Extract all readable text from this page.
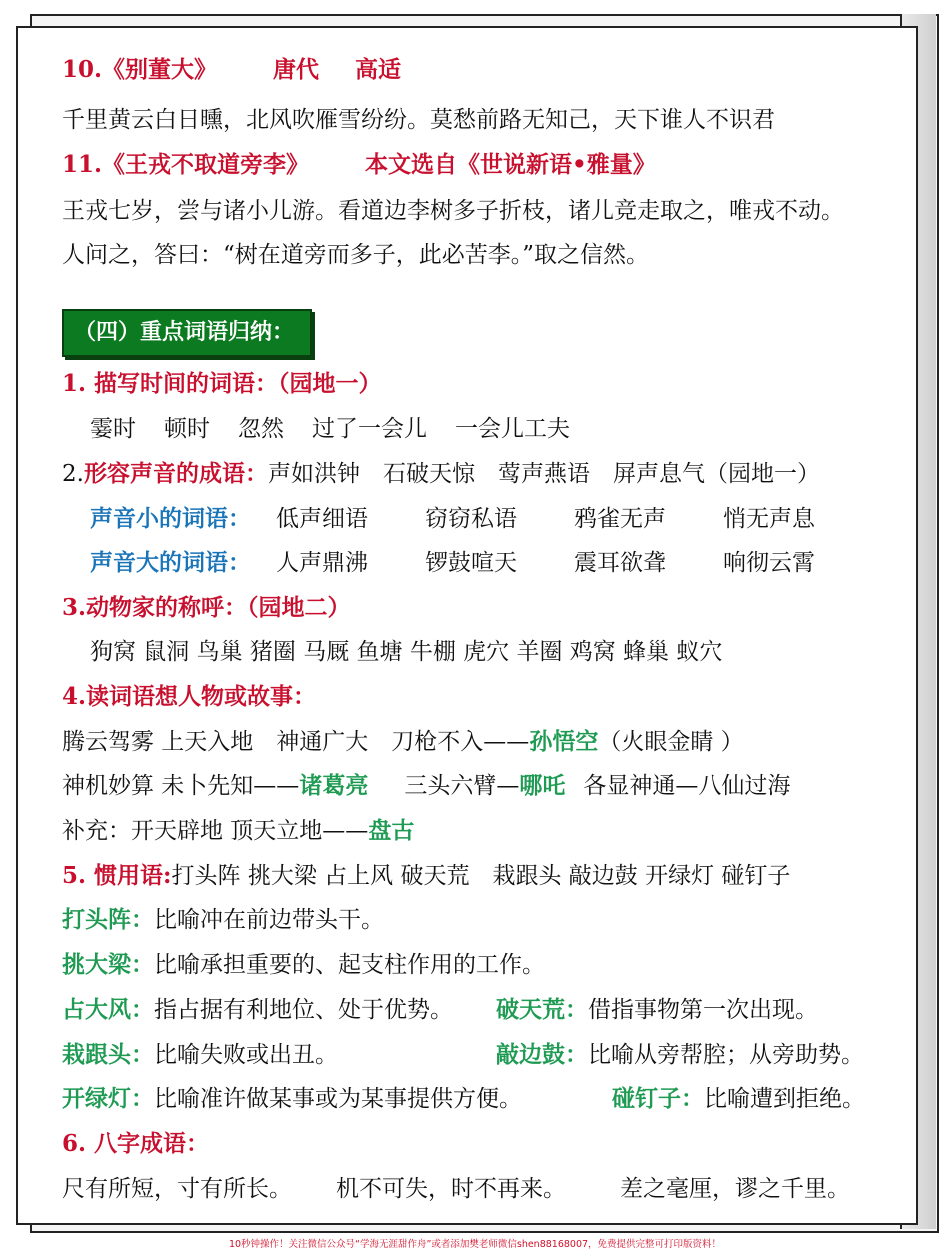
10.《别董大》 唐代 高适
千里黄云白日曛，北风吹雁雪纷纷。莫愁前路无知己，天下谁人不识君
11.《王戎不取道旁李》 本文选自《世说新语•雅量》
王戎七岁，尝与诸小儿游。看道边李树多子折枝，诸儿竞走取之，唯戎不动。
人问之，答曰：“树在道旁而多子，此必苦李。”取之信然。
（四）重点词语归纳：
1. 描写时间的词语：（园地一）
霎时 顿时 忽然 过了一会儿 一会儿工夫
2.形容声音的成语：声如洪钟　石破天惊　莺声燕语　屏声息气（园地一）
声音小的词语： 低声细语 窃窃私语 鸦雀无声 悄无声息
声音大的词语： 人声鼎沸 锣鼓喧天 震耳欲聋 响彻云霄
3.动物家的称呼：（园地二）
狗窝 鼠洞 鸟巢 猪圈 马厩 鱼塘 牛棚 虎穴 羊圈 鸡窝 蜂巢 蚁穴
4.读词语想人物或故事：
腾云驾雾 上天入地　神通广大　刀枪不入——孙悟空（火眼金睛 ）
神机妙算 未卜先知——诸葛亮 三头六臂—哪吒 各显神通—八仙过海
补充：开天辟地 顶天立地——盘古
5. 惯用语:打头阵 挑大梁 占上风 破天荒　栽跟头 敲边鼓 开绿灯 碰钉子
打头阵：比喻冲在前边带头干。
挑大梁：比喻承担重要的、起支柱作用的工作。
占大风：指占据有利地位、处于优势。 破天荒：借指事物第一次出现。
栽跟头：比喻失败或出丑。	敲边鼓：比喻从旁帮腔；从旁助势。
开绿灯：比喻准许做某事或为某事提供方便。	碰钉子：比喻遭到拒绝。
6. 八字成语：
尺有所短，寸有所长。 机不可失，时不再来。 差之毫厘，谬之千里。
10秒钟操作！关注微信公众号“学海无涯甜作舟”或者添加樊老师微信shen88168007，免费提供完整可打印版资料！
